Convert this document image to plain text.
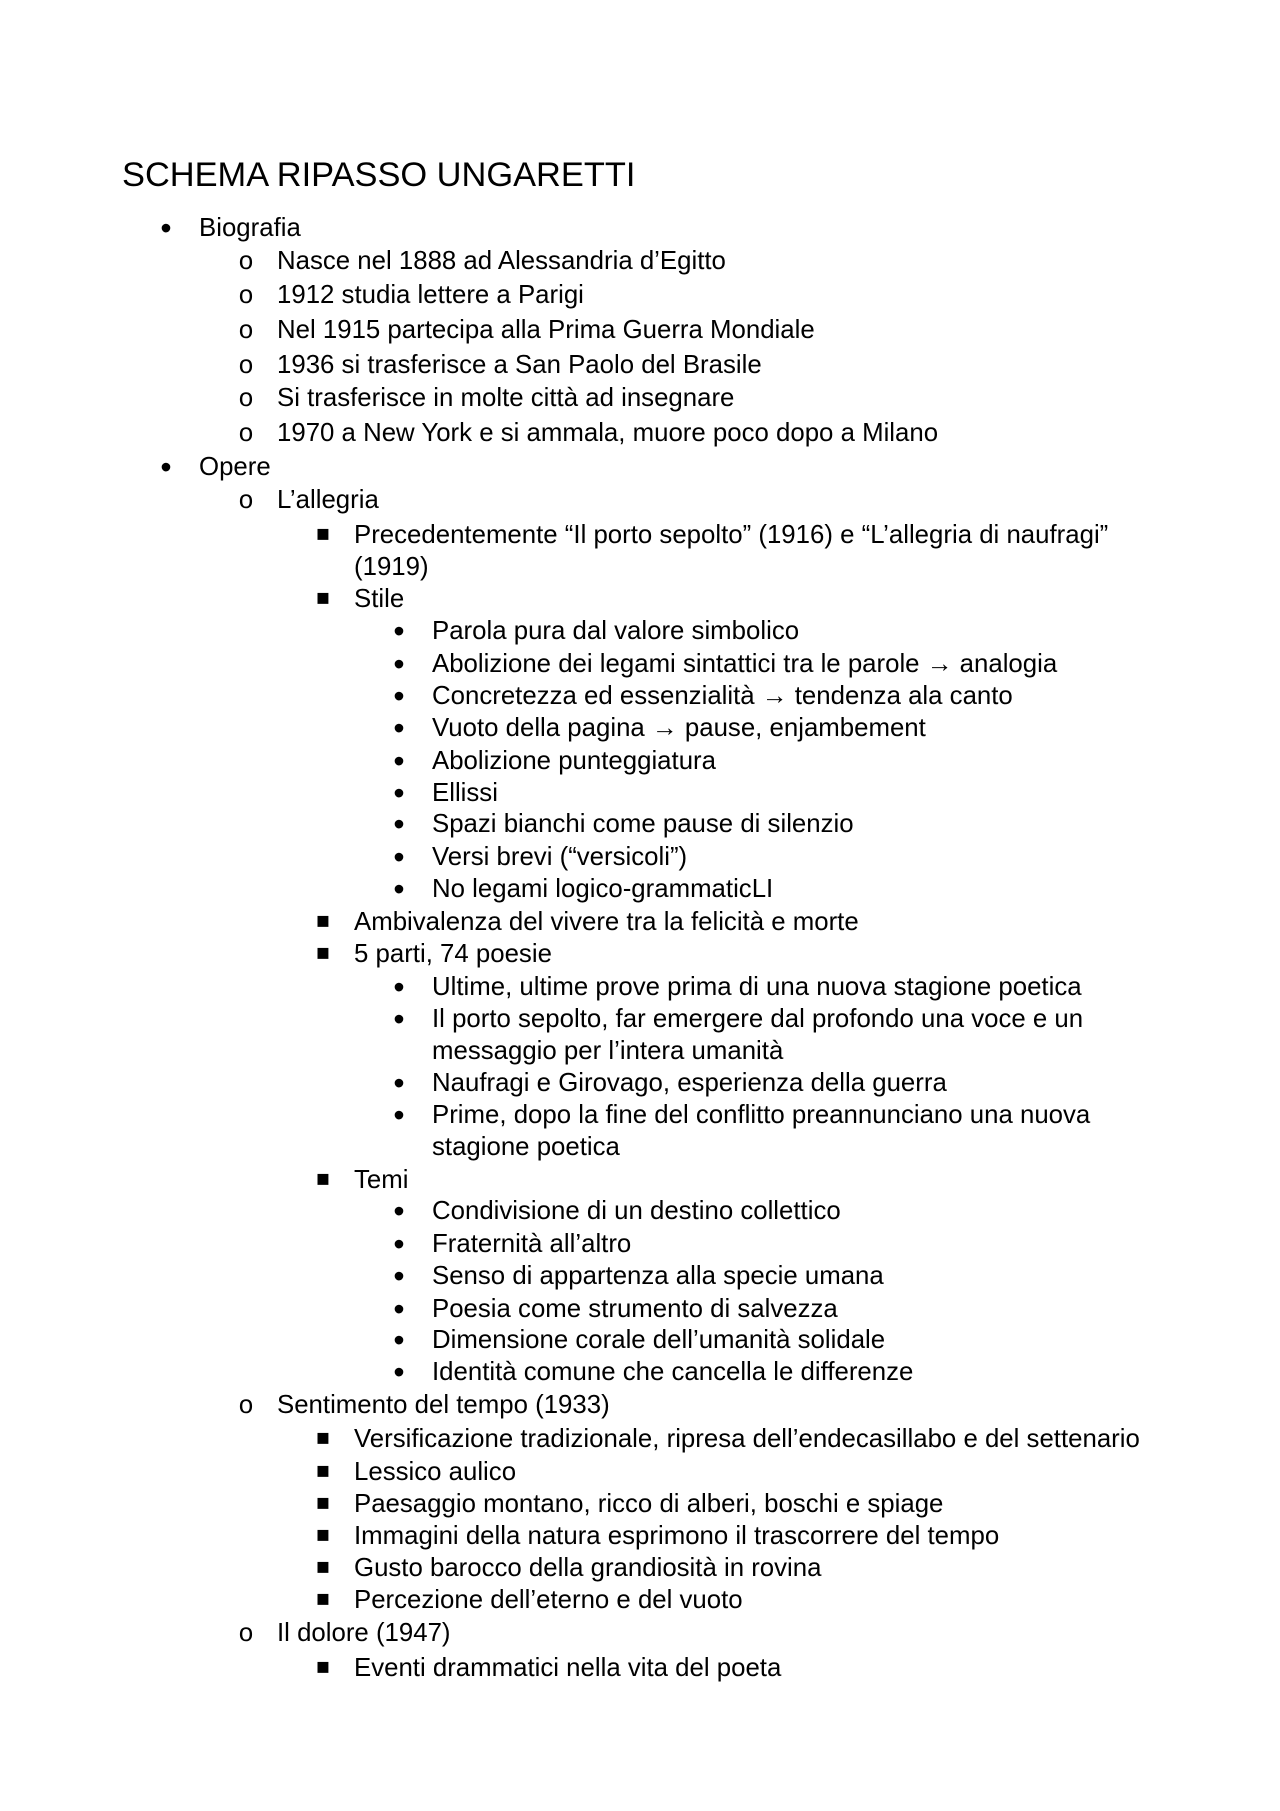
SCHEMA RIPASSO UNGARETTI
• Biografia
o Nasce nel 1888 ad Alessandria d’Egitto
o 1912 studia lettere a Parigi
o Nel 1915 partecipa alla Prima Guerra Mondiale
o 1936 si trasferisce a San Paolo del Brasile
o Si trasferisce in molte città ad insegnare
o 1970 a New York e si ammala, muore poco dopo a Milano
• Opere
o L’allegria
▪ Precedentemente “Il porto sepolto” (1916) e “L’allegria di naufragi” (1919)
▪ Stile
• Parola pura dal valore simbolico
• Abolizione dei legami sintattici tra le parole → analogia
• Concretezza ed essenzialità → tendenza ala canto
• Vuoto della pagina → pause, enjambement
• Abolizione punteggiatura
• Ellissi
• Spazi bianchi come pause di silenzio
• Versi brevi (“versicoli”)
• No legami logico-grammaticLI
▪ Ambivalenza del vivere tra la felicità e morte
▪ 5 parti, 74 poesie
• Ultime, ultime prove prima di una nuova stagione poetica
• Il porto sepolto, far emergere dal profondo una voce e un messaggio per l’intera umanità
• Naufragi e Girovago, esperienza della guerra
• Prime, dopo la fine del conflitto preannunciano una nuova stagione poetica
▪ Temi
• Condivisione di un destino collettico
• Fraternità all’altro
• Senso di appartenza alla specie umana
• Poesia come strumento di salvezza
• Dimensione corale dell’umanità solidale
• Identità comune che cancella le differenze
o Sentimento del tempo (1933)
▪ Versificazione tradizionale, ripresa dell’endecasillabo e del settenario
▪ Lessico aulico
▪ Paesaggio montano, ricco di alberi, boschi e spiage
▪ Immagini della natura esprimono il trascorrere del tempo
▪ Gusto barocco della grandiosità in rovina
▪ Percezione dell’eterno e del vuoto
o Il dolore (1947)
▪ Eventi drammatici nella vita del poeta
